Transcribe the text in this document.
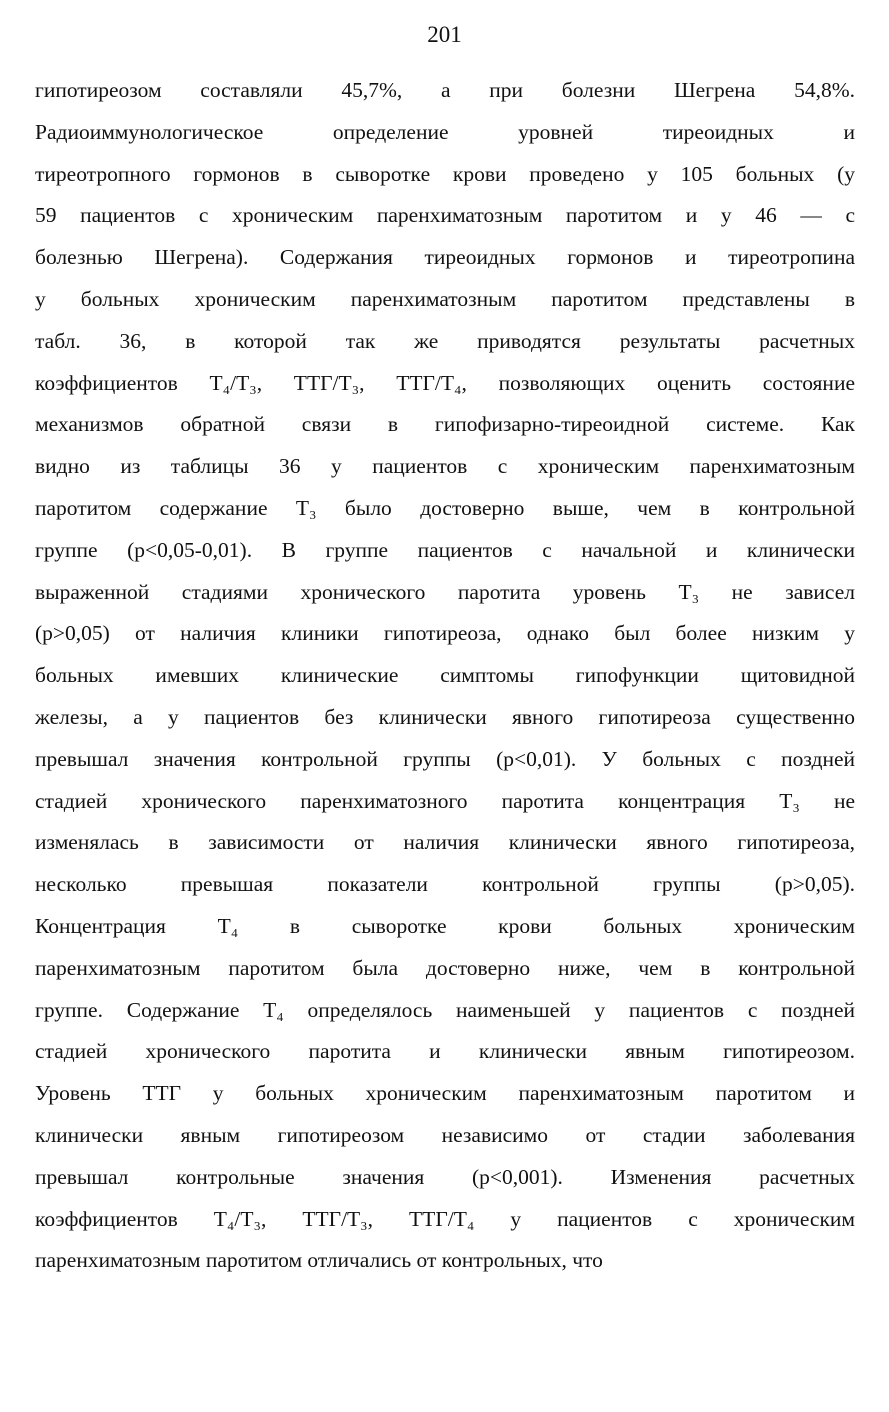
201
гипотиреозом составляли 45,7%, а при болезни Шегрена 54,8%.
Радиоиммунологическое определение уровней тиреоидных и
тиреотропного гормонов в сыворотке крови проведено у 105 больных (у
59 пациентов с хроническим паренхиматозным паротитом и у 46 — с
болезнью Шегрена). Содержания тиреоидных гормонов и тиреотропина
у больных хроническим паренхиматозным паротитом представлены в
табл. 36, в которой так же приводятся результаты расчетных
коэффициентов Т₄/Т₃, ТТГ/Т₃, ТТГ/Т₄, позволяющих оценить состояние
механизмов обратной связи в гипофизарно-тиреоидной системе. Как
видно из таблицы 36 у пациентов с хроническим паренхиматозным
паротитом содержание Т₃ было достоверно выше, чем в контрольной
группе (p<0,05-0,01). В группе пациентов с начальной и клинически
выраженной стадиями хронического паротита уровень Т₃ не зависел
(p>0,05) от наличия клиники гипотиреоза, однако был более низким у
больных имевших клинические симптомы гипофункции щитовидной
железы, а у пациентов без клинически явного гипотиреоза существенно
превышал значения контрольной группы (p<0,01). У больных с поздней
стадией хронического паренхиматозного паротита концентрация Т₃ не
изменялась в зависимости от наличия клинически явного гипотиреоза,
несколько превышая показатели контрольной группы (p>0,05).
Концентрация Т₄ в сыворотке крови больных хроническим
паренхиматозным паротитом была достоверно ниже, чем в контрольной
группе. Содержание Т₄ определялось наименьшей у пациентов с поздней
стадией хронического паротита и клинически явным гипотиреозом.
Уровень ТТГ у больных хроническим паренхиматозным паротитом и
клинически явным гипотиреозом независимо от стадии заболевания
превышал контрольные значения (p<0,001). Изменения расчетных
коэффициентов Т₄/Т₃, ТТГ/Т₃, ТТГ/Т₄ у пациентов с хроническим
паренхиматозным паротитом отличались от контрольных, что
